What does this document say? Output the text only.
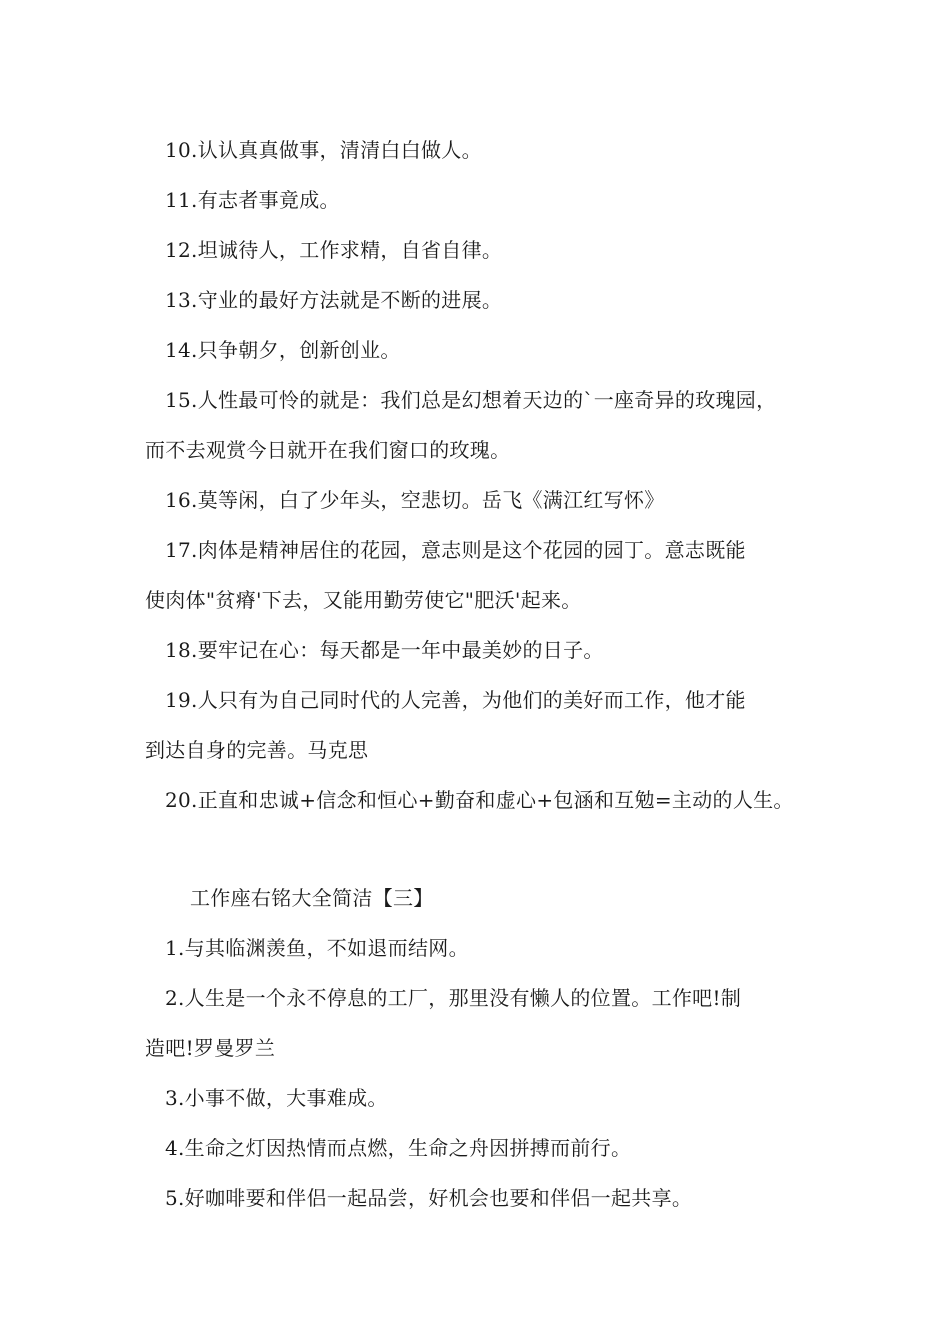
10.认认真真做事，清清白白做人。
11.有志者事竟成。
12.坦诚待人，工作求精，自省自律。
13.守业的最好方法就是不断的进展。
14.只争朝夕，创新创业。
15.人性最可怜的就是：我们总是幻想着天边的`一座奇异的玫瑰园，
而不去观赏今日就开在我们窗口的玫瑰。
16.莫等闲，白了少年头，空悲切。岳飞《满江红写怀》
17.肉体是精神居住的花园，意志则是这个花园的园丁。意志既能
使肉体"贫瘠'下去，又能用勤劳使它"肥沃'起来。
18.要牢记在心：每天都是一年中最美妙的日子。
19.人只有为自己同时代的人完善，为他们的美好而工作，他才能
到达自身的完善。马克思
20.正直和忠诚+信念和恒心+勤奋和虚心+包涵和互勉=主动的人生。
工作座右铭大全简洁【三】
1.与其临渊羡鱼，不如退而结网。
2.人生是一个永不停息的工厂，那里没有懒人的位置。工作吧!制
造吧!罗曼罗兰
3.小事不做，大事难成。
4.生命之灯因热情而点燃，生命之舟因拼搏而前行。
5.好咖啡要和伴侣一起品尝，好机会也要和伴侣一起共享。
